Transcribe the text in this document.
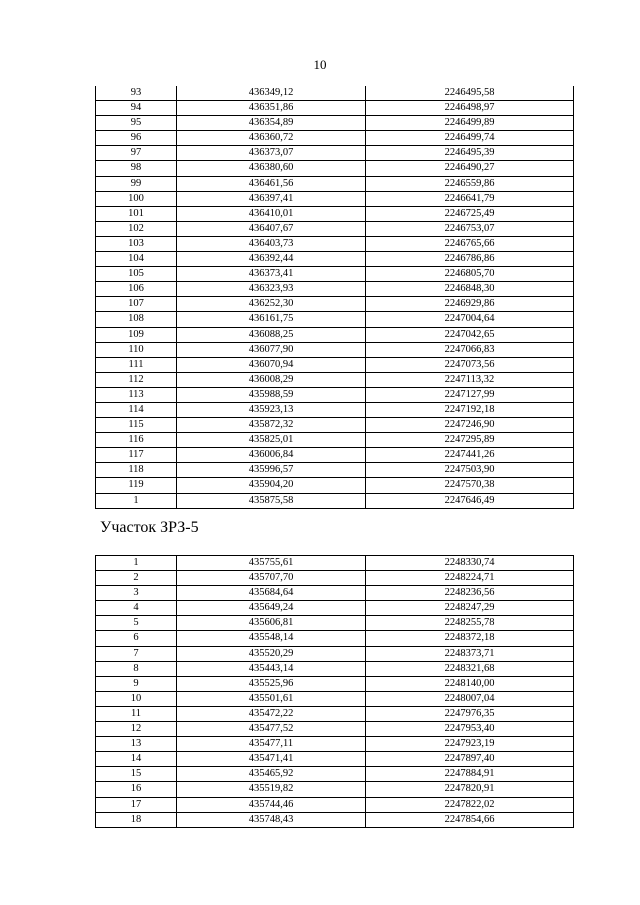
10
93	436349,12	2246495,58
94	436351,86	2246498,97
95	436354,89	2246499,89
96	436360,72	2246499,74
97	436373,07	2246495,39
98	436380,60	2246490,27
99	436461,56	2246559,86
100	436397,41	2246641,79
101	436410,01	2246725,49
102	436407,67	2246753,07
103	436403,73	2246765,66
104	436392,44	2246786,86
105	436373,41	2246805,70
106	436323,93	2246848,30
107	436252,30	2246929,86
108	436161,75	2247004,64
109	436088,25	2247042,65
110	436077,90	2247066,83
111	436070,94	2247073,56
112	436008,29	2247113,32
113	435988,59	2247127,99
114	435923,13	2247192,18
115	435872,32	2247246,90
116	435825,01	2247295,89
117	436006,84	2247441,26
118	435996,57	2247503,90
119	435904,20	2247570,38
1	435875,58	2247646,49
Участок ЗРЗ-5
1	435755,61	2248330,74
2	435707,70	2248224,71
3	435684,64	2248236,56
4	435649,24	2248247,29
5	435606,81	2248255,78
6	435548,14	2248372,18
7	435520,29	2248373,71
8	435443,14	2248321,68
9	435525,96	2248140,00
10	435501,61	2248007,04
11	435472,22	2247976,35
12	435477,52	2247953,40
13	435477,11	2247923,19
14	435471,41	2247897,40
15	435465,92	2247884,91
16	435519,82	2247820,91
17	435744,46	2247822,02
18	435748,43	2247854,66
